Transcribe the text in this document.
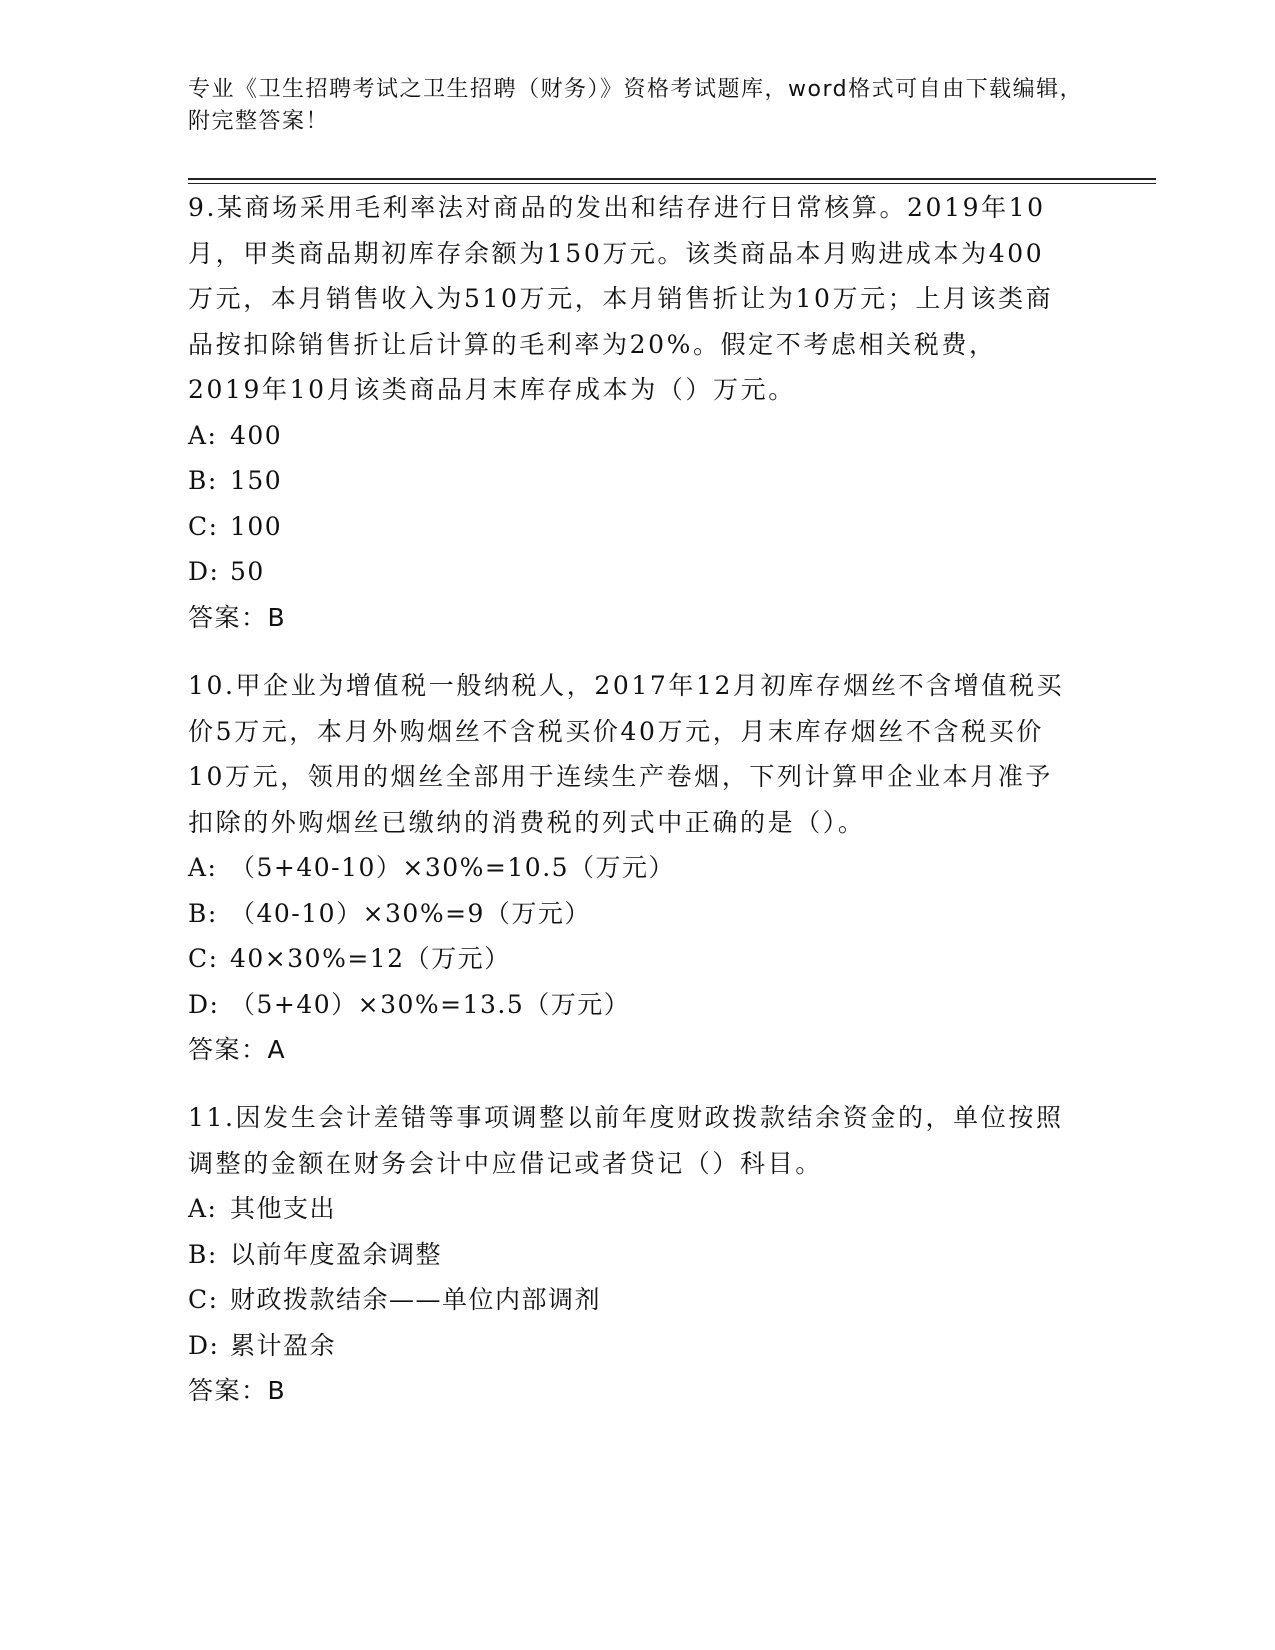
专业《卫生招聘考试之卫生招聘（财务）》资格考试题库，word格式可自由下载编辑，附完整答案！

9.某商场采用毛利率法对商品的发出和结存进行日常核算。2019年10月，甲类商品期初库存余额为150万元。该类商品本月购进成本为400万元，本月销售收入为510万元，本月销售折让为10万元；上月该类商品按扣除销售折让后计算的毛利率为20%。假定不考虑相关税费，2019年10月该类商品月末库存成本为（）万元。

A: 400

B: 150

C: 100

D: 50

答案：B

10.甲企业为增值税一般纳税人，2017年12月初库存烟丝不含增值税买价5万元，本月外购烟丝不含税买价40万元，月末库存烟丝不含税买价10万元，领用的烟丝全部用于连续生产卷烟，下列计算甲企业本月准予扣除的外购烟丝已缴纳的消费税的列式中正确的是（）。

A: （5+40-10）×30%=10.5（万元）

B: （40-10）×30%=9（万元）

C: 40×30%=12（万元）

D: （5+40）×30%=13.5（万元）

答案：A

11.因发生会计差错等事项调整以前年度财政拨款结余资金的，单位按照调整的金额在财务会计中应借记或者贷记（）科目。

A: 其他支出

B: 以前年度盈余调整

C: 财政拨款结余——单位内部调剂

D: 累计盈余

答案：B
